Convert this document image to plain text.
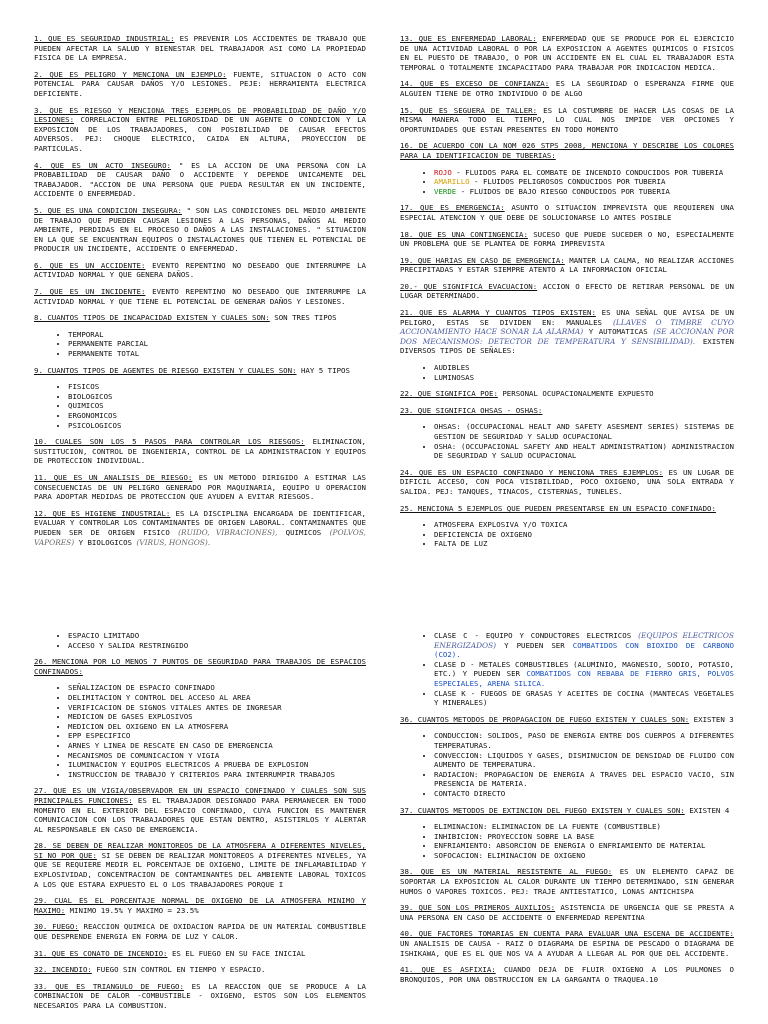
1. QUE ES SEGURIDAD INDUSTRIAL: ES PREVENIR LOS ACCIDENTES DE TRABAJO QUE PUEDEN AFECTAR LA SALUD Y BIENESTAR DEL TRABAJADOR ASI COMO LA PROPIEDAD FISICA DE LA EMPRESA.

2. QUE ES PELIGRO Y MENCIONA UN EJEMPLO: FUENTE, SITUACION O ACTO CON POTENCIAL PARA CAUSAR DAÑOS Y/O LESIONES. PEJE: HERRAMIENTA ELECTRICA DEFICIENTE.

3. QUE ES RIESGO Y MENCIONA TRES EJEMPLOS DE PROBABILIDAD DE DAÑO Y/O LESIONES: CORRELACION ENTRE PELIGROSIDAD DE UN AGENTE O CONDICION Y LA EXPOSICION DE LOS TRABAJADORES, CON POSIBILIDAD DE CAUSAR EFECTOS ADVERSOS. PEJ: CHOQUE ELECTRICO, CAIDA EN ALTURA, PROYECCION DE PARTICULAS.

4. QUE ES UN ACTO INSEGURO: " ES LA ACCION DE UNA PERSONA CON LA PROBABILIDAD DE CAUSAR DAÑO O ACCIDENTE Y DEPENDE UNICAMENTE DEL TRABAJADOR. "ACCION DE UNA PERSONA QUE PUEDA RESULTAR EN UN INCIDENTE, ACCIDENTE O ENFERMEDAD.

5. QUE ES UNA CONDICION INSEGURA: " SON LAS CONDICIONES DEL MEDIO AMBIENTE DE TRABAJO QUE PUEDEN CAUSAR LESIONES A LAS PERSONAS, DAÑOS AL MEDIO AMBIENTE, PERDIDAS EN EL PROCESO O DAÑOS A LAS INSTALACIONES. " SITUACION EN LA QUE SE ENCUENTRAN EQUIPOS O INSTALACIONES QUE TIENEN EL POTENCIAL DE PRODUCIR UN INCIDENTE, ACCIDENTE O ENFERMEDAD.

6. QUE ES UN ACCIDENTE: EVENTO REPENTINO NO DESEADO QUE INTERRUMPE LA ACTIVIDAD NORMAL Y QUE GENERA DAÑOS.

7. QUE ES UN INCIDENTE: EVENTO REPENTINO NO DESEADO QUE INTERRUMPE LA ACTIVIDAD NORMAL Y QUE TIENE EL POTENCIAL DE GENERAR DAÑOS Y LESIONES.

8. CUANTOS TIPOS DE INCAPACIDAD EXISTEN Y CUALES SON: SON TRES TIPOS

• TEMPORAL
• PERMANENTE PARCIAL
• PERMANENTE TOTAL

9. CUANTOS TIPOS DE AGENTES DE RIESGO EXISTEN Y CUALES SON: HAY 5 TIPOS

• FISICOS
• BIOLOGICOS
• QUIMICOS
• ERGONOMICOS
• PSICOLOGICOS

10. CUALES SON LOS 5 PASOS PARA CONTROLAR LOS RIESGOS: ELIMINACION, SUSTITUCION, CONTROL DE INGENIERIA, CONTROL DE LA ADMINISTRACION Y EQUIPOS DE PROTECCION INDIVIDUAL.

11. QUE ES UN ANALISIS DE RIESGO: ES UN METODO DIRIGIDO A ESTIMAR LAS CONSECUENCIAS DE UN PELIGRO GENERADO POR MAQUINARIA, EQUIPO U OPERACION PARA ADOPTAR MEDIDAS DE PROTECCION QUE AYUDEN A EVITAR RIESGOS.

12. QUE ES HIGIENE INDUSTRIAL: ES LA DISCIPLINA ENCARGADA DE IDENTIFICAR, EVALUAR Y CONTROLAR LOS CONTAMINANTES DE ORIGEN LABORAL. CONTAMINANTES QUE PUEDEN SER DE ORIGEN FISICO (RUIDO, VIBRACIONES), QUIMICOS (POLVOS, VAPORES) Y BIOLOGICOS (VIRUS, HONGOS).

13. QUE ES ENFERMEDAD LABORAL: ENFERMEDAD QUE SE PRODUCE POR EL EJERCICIO DE UNA ACTIVIDAD LABORAL O POR LA EXPOSICION A AGENTES QUIMICOS O FISICOS EN EL PUESTO DE TRABAJO, O POR UN ACCIDENTE EN EL CUAL EL TRABAJADOR ESTA TEMPORAL O TOTALMENTE INCAPACITADO PARA TRABAJAR POR INDICACION MEDICA.

14. QUE ES EXCESO DE CONFIANZA: ES LA SEGURIDAD O ESPERANZA FIRME QUE ALGUIEN TIENE DE OTRO INDIVIDUO O DE ALGO

15. QUE ES SEGUERA DE TALLER: ES LA COSTUMBRE DE HACER LAS COSAS DE LA MISMA MANERA TODO EL TIEMPO, LO CUAL NOS IMPIDE VER OPCIONES Y OPORTUNIDADES QUE ESTAN PRESENTES EN TODO MOMENTO

16. DE ACUERDO CON LA NOM 026 STPS 2008, MENCIONA Y DESCRIBE LOS COLORES PARA LA IDENTIFICACION DE TUBERIAS:

• ROJO - FLUIDOS PARA EL COMBATE DE INCENDIO CONDUCIDOS POR TUBERIA
• AMARILLO - FLUIDOS PELIGROSOS CONDUCIDOS POR TUBERIA
• VERDE - FLUIDOS DE BAJO RIESGO CONDUCIDOS POR TUBERIA

17. QUE ES EMERGENCIA: ASUNTO O SITUACION IMPREVISTA QUE REQUIEREN UNA ESPECIAL ATENCION Y QUE DEBE DE SOLUCIONARSE LO ANTES POSIBLE

18. QUE ES UNA CONTINGENCIA: SUCESO QUE PUEDE SUCEDER O NO, ESPECIALMENTE UN PROBLEMA QUE SE PLANTEA DE FORMA IMPREVISTA

19. QUE HARIAS EN CASO DE EMERGENCIA: MANTER LA CALMA, NO REALIZAR ACCIONES PRECIPITADAS Y ESTAR SIEMPRE ATENTO A LA INFORMACION OFICIAL

20.- QUE SIGNIFICA EVACUACION: ACCION O EFECTO DE RETIRAR PERSONAL DE UN LUGAR DETERMINADO.

21. QUE ES ALARMA Y CUANTOS TIPOS EXISTEN: ES UNA SEÑAL QUE AVISA DE UN PELIGRO, ESTAS SE DIVIDEN EN: MANUALES (LLAVES O TIMBRE CUYO ACCIONAMIENTO HACE SONAR LA ALARMA) Y AUTOMATICAS (SE ACCIONAN POR DOS MECANISMOS: DETECTOR DE TEMPERATURA Y SENSIBILIDAD). EXISTEN DIVERSOS TIPOS DE SEÑALES:

• AUDIBLES
• LUMINOSAS

22. QUE SIGNIFICA POE: PERSONAL OCUPACIONALMENTE EXPUESTO

23. QUE SIGNIFICA OHSAS - OSHAS:

• OHSAS: (OCCUPACIONAL HEALT AND SAFETY ASESMENT SERIES) SISTEMAS DE GESTION DE SEGURIDAD Y SALUD OCUPACIONAL
• OSHA: (OCCUPACIONAL SAFETY AND HEALT ADMINISTRATION) ADMINISTRACION DE SEGURIDAD Y SALUD OCUPACIONAL

24. QUE ES UN ESPACIO CONFINADO Y MENCIONA TRES EJEMPLOS: ES UN LUGAR DE DIFICIL ACCESO, CON POCA VISIBILIDAD, POCO OXIGENO, UNA SOLA ENTRADA Y SALIDA. PEJ: TANQUES, TINACOS, CISTERNAS, TUNELES.

25. MENCIONA 5 EJEMPLOS QUE PUEDEN PRESENTARSE EN UN ESPACIO CONFINADO:

• ATMOSFERA EXPLOSIVA Y/O TOXICA
• DEFICIENCIA DE OXIGENO
• FALTA DE LUZ
• ESPACIO LIMITADO
• ACCESO Y SALIDA RESTRINGIDO

26. MENCIONA POR LO MENOS 7 PUNTOS DE SEGURIDAD PARA TRABAJOS DE ESPACIOS CONFINADOS:

• SEÑALIZACION DE ESPACIO CONFINADO
• DELIMITACION Y CONTROL DEL ACCESO AL AREA
• VERIFICACION DE SIGNOS VITALES ANTES DE INGRESAR
• MEDICION DE GASES EXPLOSIVOS
• MEDICION DEL OXIGENO EN LA ATMOSFERA
• EPP ESPECIFICO
• ARNES Y LINEA DE RESCATE EN CASO DE EMERGENCIA
• MECANISMOS DE COMUNICACION Y VIGIA
• ILUMINACION Y EQUIPOS ELECTRICOS A PRUEBA DE EXPLOSION
• INSTRUCCION DE TRABAJO Y CRITERIOS PARA INTERRUMPIR TRABAJOS

27. QUE ES UN VIGIA/OBSERVADOR EN UN ESPACIO CONFINADO Y CUALES SON SUS PRINCIPALES FUNCIONES: ES EL TRABAJADOR DESIGNADO PARA PERMANECER EN TODO MOMENTO EN EL EXTERIOR DEL ESPACIO CONFINADO, CUYA FUNCION ES MANTENER COMUNICACION CON LOS TRABAJADORES QUE ESTAN DENTRO, ASISTIRLOS Y ALERTAR AL RESPONSABLE EN CASO DE EMERGENCIA.

28. SE DEBEN DE REALIZAR MONITOREOS DE LA ATMOSFERA A DIFERENTES NIVELES, SI NO POR QUE: SI SE DEBEN DE REALIZAR MONITOREOS A DIFERENTES NIVELES, YA QUE SE REQUIERE MEDIR EL PORCENTAJE DE OXIGENO, LIMITE DE INFLAMABILIDAD Y EXPLOSIVIDAD, CONCENTRACION DE CONTAMINANTES DEL AMBIENTE LABORAL TOXICOS A LOS QUE ESTARA EXPUESTO EL O LOS TRABAJADORES PORQUE I

29. CUAL ES EL PORCENTAJE NORMAL DE OXIGENO DE LA ATMOSFERA MINIMO Y MAXIMO: MINIMO 19.5% Y MAXIMO = 23.5%

30. FUEGO: REACCION QUIMICA DE OXIDACION RAPIDA DE UN MATERIAL COMBUSTIBLE QUE DESPRENDE ENERGIA EN FORMA DE LUZ Y CALOR.

31. QUE ES CONATO DE INCENDIO: ES EL FUEGO EN SU FACE INICIAL

32. INCENDIO: FUEGO SIN CONTROL EN TIEMPO Y ESPACIO.

33. QUE ES TRIANGULO DE FUEGO: ES LA REACCION QUE SE PRODUCE A LA COMBINACION DE CALOR -COMBUSTIBLE - OXIGENO, ESTOS SON LOS ELEMENTOS NECESARIOS PARA LA COMBUSTION.

• CLASE C - EQUIPO Y CONDUCTORES ELECTRICOS (EQUIPOS ELECTRICOS ENERGIZADOS) Y PUEDEN SER COMBATIDOS CON BIOXIDO DE CARBONO (CO2).
• CLASE D - METALES COMBUSTIBLES (ALUMINIO, MAGNESIO, SODIO, POTASIO, ETC.) Y PUEDEN SER COMBATIDOS CON REBABA DE FIERRO GRIS, POLVOS ESPECIALES, ARENA SILICA.
• CLASE K - FUEGOS DE GRASAS Y ACEITES DE COCINA (MANTECAS VEGETALES Y MINERALES)

36. CUANTOS METODOS DE PROPAGACION DE FUEGO EXISTEN Y CUALES SON: EXISTEN 3

• CONDUCCION: SOLIDOS, PASO DE ENERGIA ENTRE DOS CUERPOS A DIFERENTES TEMPERATURAS.
• CONVECCION: LIQUIDOS Y GASES, DISMINUCION DE DENSIDAD DE FLUIDO CON AUMENTO DE TEMPERATURA.
• RADIACION: PROPAGACION DE ENERGIA A TRAVES DEL ESPACIO VACIO, SIN PRESENCIA DE MATERIA.
• CONTACTO DIRECTO

37. CUANTOS METODOS DE EXTINCION DEL FUEGO EXISTEN Y CUALES SON: EXISTEN 4

• ELIMINACION: ELIMINACION DE LA FUENTE (COMBUSTIBLE)
• INHIBICION: PROYECCION SOBRE LA BASE
• ENFRIAMIENTO: ABSORCION DE ENERGIA O ENFRIAMIENTO DE MATERIAL
• SOFOCACION: ELIMINACION DE OXIGENO

38. QUE ES UN MATERIAL RESISTENTE AL FUEGO: ES UN ELEMENTO CAPAZ DE SOPORTAR LA EXPOSICION AL CALOR DURANTE UN TIEMPO DETERMINADO, SIN GENERAR HUMOS O VAPORES TOXICOS. PEJ: TRAJE ANTIESTATICO, LONAS ANTICHISPA

39. QUE SON LOS PRIMEROS AUXILIOS: ASISTENCIA DE URGENCIA QUE SE PRESTA A UNA PERSONA EN CASO DE ACCIDENTE O ENFERMEDAD REPENTINA

40. QUE FACTORES TOMARIAS EN CUENTA PARA EVALUAR UNA ESCENA DE ACCIDENTE: UN ANALISIS DE CAUSA - RAIZ O DIAGRAMA DE ESPINA DE PESCADO O DIAGRAMA DE ISHIKAWA, QUE ES EL QUE NOS VA A AYUDAR A LLEGAR AL POR QUE DEL ACCIDENTE.

41. QUE ES ASFIXIA: CUANDO DEJA DE FLUIR OXIGENO A LOS PULMONES O BRONQUIOS, POR UNA OBSTRUCCION EN LA GARGANTA O TRAQUEA.10
